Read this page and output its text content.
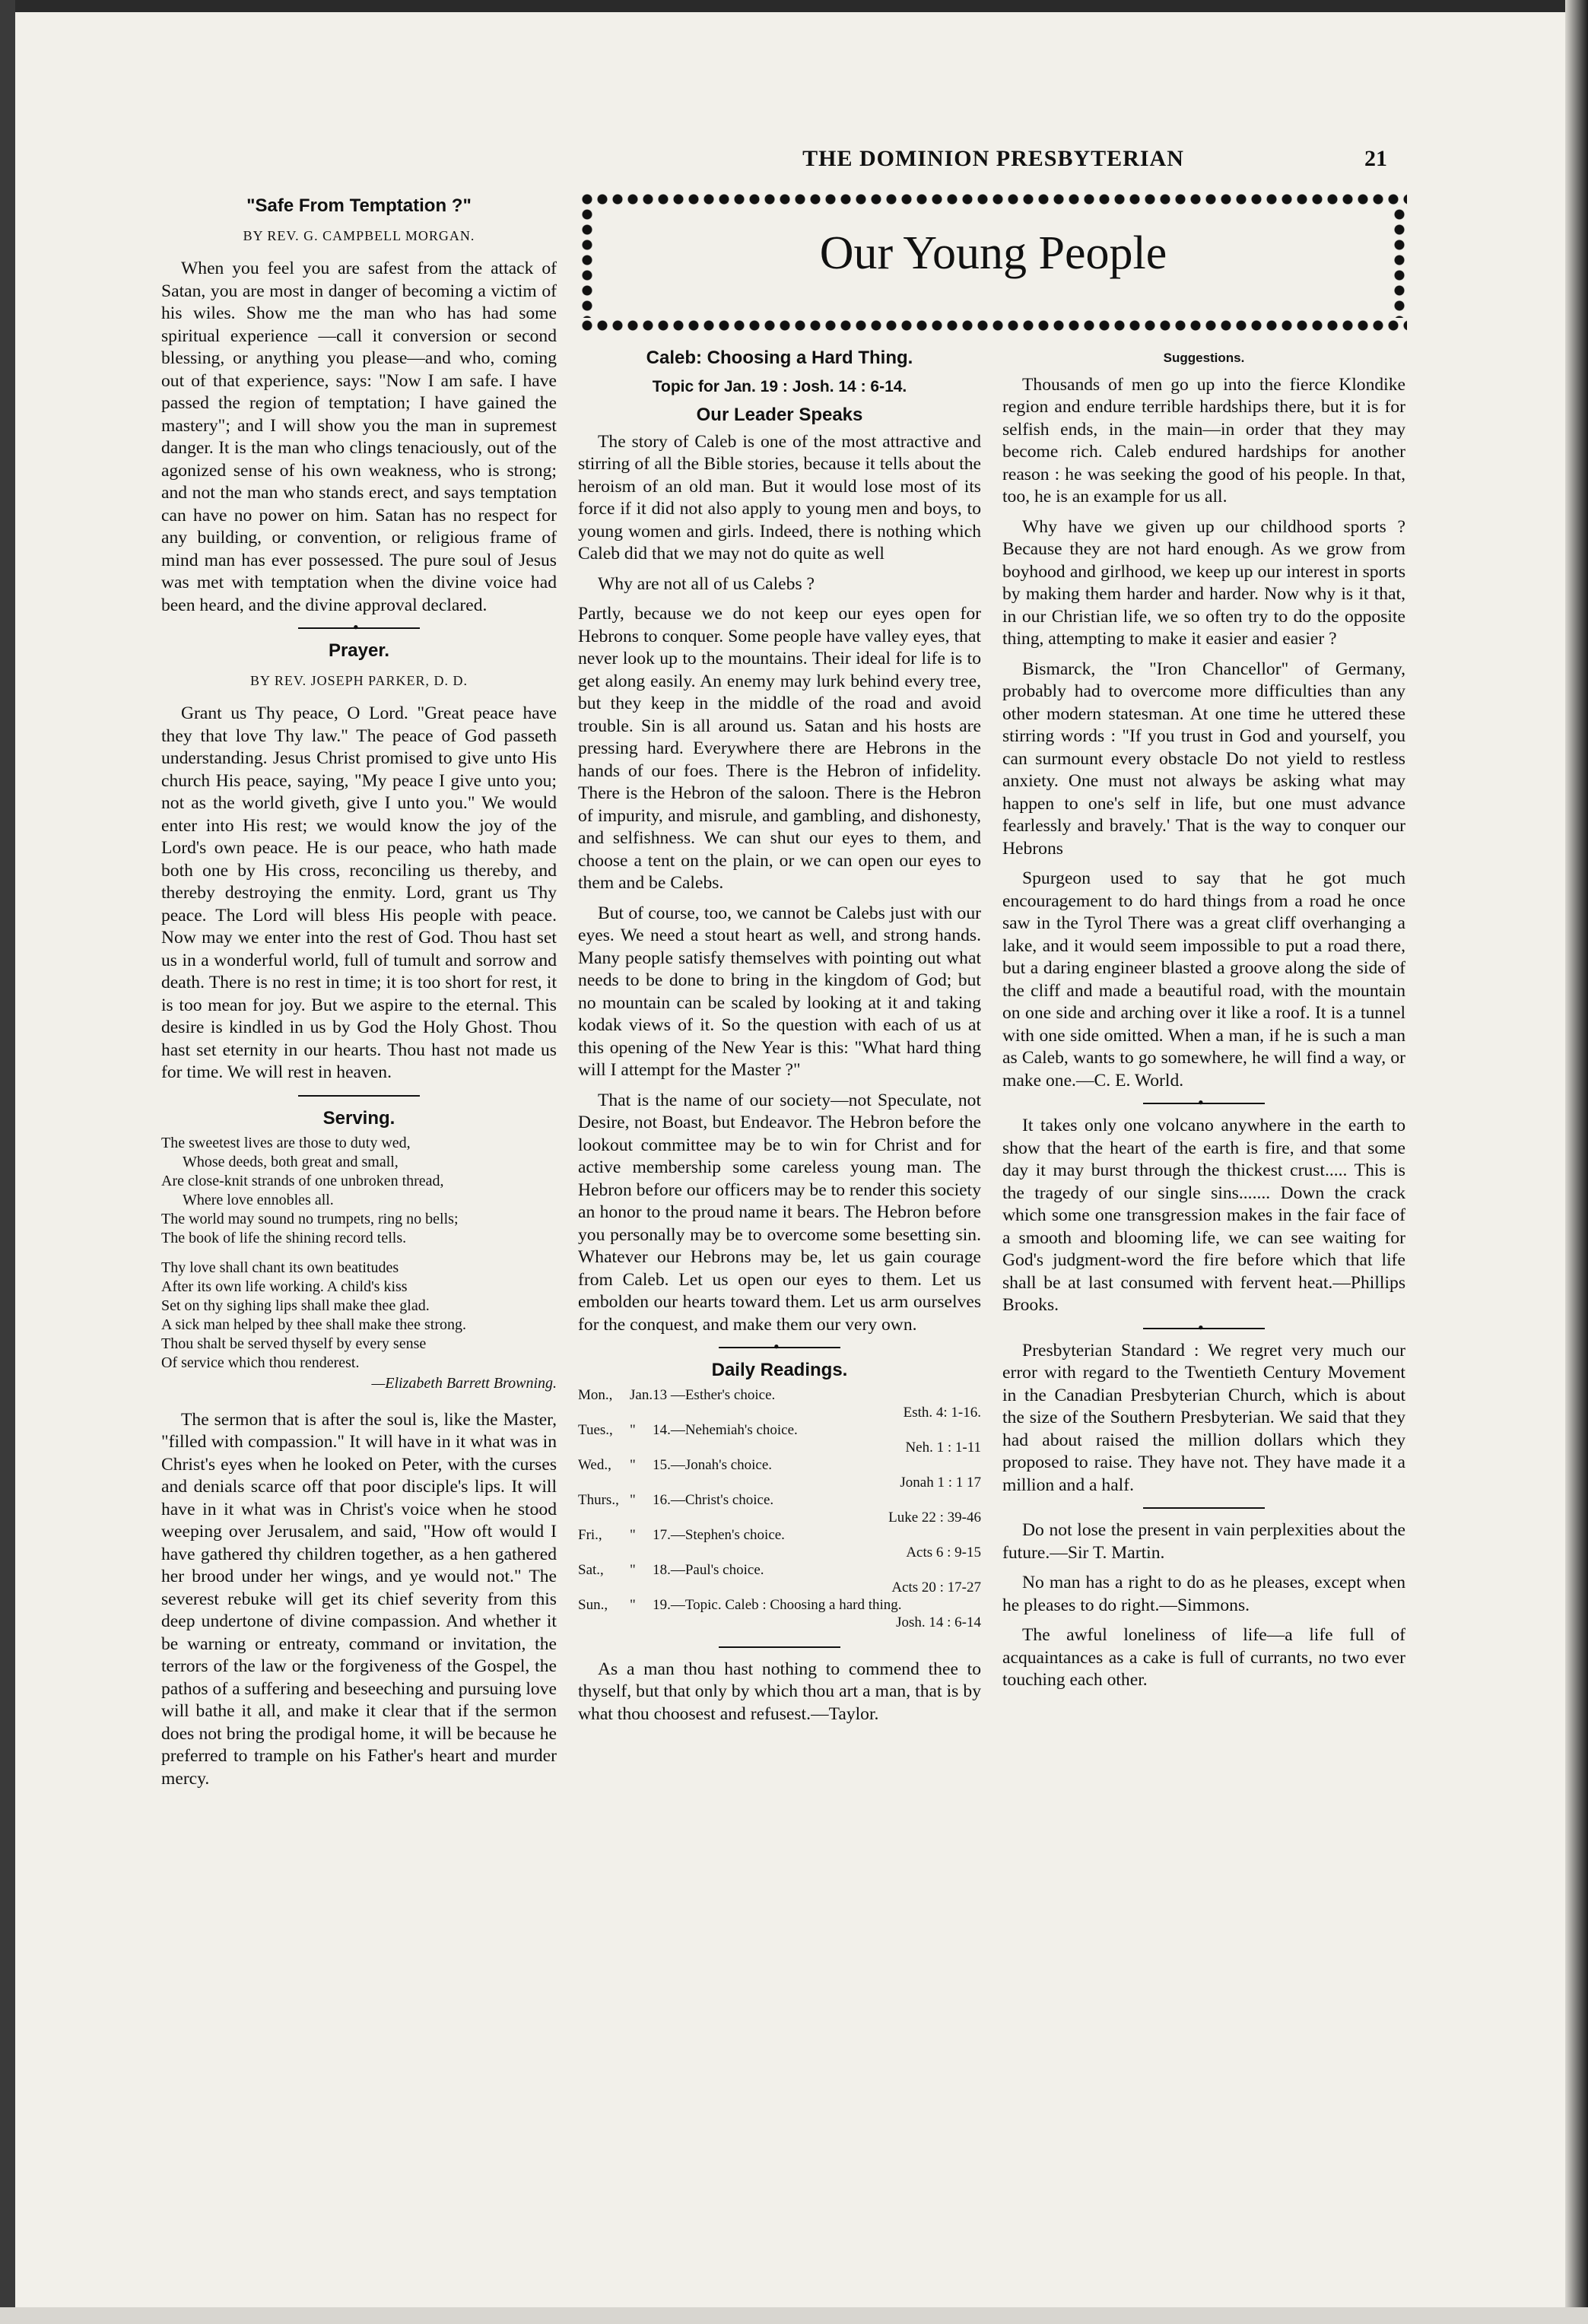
THE DOMINION PRESBYTERIAN	21
"Safe From Temptation ?"
BY REV. G. CAMPBELL MORGAN.

When you feel you are safest from the attack of Satan, you are most in danger of becoming a victim of his wiles. Show me the man who has had some spiritual experience —call it conversion or second blessing, or anything you please—and who, coming out of that experience, says: "Now I am safe. I have passed the region of temptation; I have gained the mastery"; and I will show you the man in supremest danger. It is the man who clings tenaciously, out of the agonized sense of his own weakness, who is strong; and not the man who stands erect, and says temptation can have no power on him. Satan has no respect for any building, or convention, or religious frame of mind man has ever possessed. The pure soul of Jesus was met with temptation when the divine voice had been heard, and the divine approval declared.

•
Prayer.
BY REV. JOSEPH PARKER, D. D.

Grant us Thy peace, O Lord. "Great peace have they that love Thy law." The peace of God passeth understanding. Jesus Christ promised to give unto His church His peace, saying, "My peace I give unto you; not as the world giveth, give I unto you." We would enter into His rest; we would know the joy of the Lord's own peace. He is our peace, who hath made both one by His cross, reconciling us thereby, and thereby destroying the enmity. Lord, grant us Thy peace. The Lord will bless His people with peace. Now may we enter into the rest of God. Thou hast set us in a wonderful world, full of tumult and sorrow and death. There is no rest in time; it is too short for rest, it is too mean for joy. But we aspire to the eternal. This desire is kindled in us by God the Holy Ghost. Thou hast set eternity in our hearts. Thou hast not made us for time. We will rest in heaven.

Serving.
The sweetest lives are those to duty wed,
Whose deeds, both great and small,
Are close-knit strands of one unbroken thread,
Where love ennobles all.
The world may sound no trumpets, ring no bells;
The book of life the shining record tells.
Thy love shall chant its own beatitudes
After its own life working. A child's kiss
Set on thy sighing lips shall make thee glad.
A sick man helped by thee shall make thee strong.
Thou shalt be served thyself by every sense
Of service which thou renderest.
—Elizabeth Barrett Browning.

The sermon that is after the soul is, like the Master, "filled with compassion." It will have in it what was in Christ's eyes when he looked on Peter, with the curses and denials scarce off that poor disciple's lips. It will have in it what was in Christ's voice when he stood weeping over Jerusalem, and said, "How oft would I have gathered thy children together, as a hen gathered her brood under her wings, and ye would not." The severest rebuke will get its chief severity from this deep undertone of divine compassion. And whether it be warning or entreaty, command or invitation, the terrors of the law or the forgiveness of the Gospel, the pathos of a suffering and beseeching and pursuing love will bathe it all, and make it clear that if the sermon does not bring the prodigal home, it will be because he preferred to trample on his Father's heart and murder mercy.

Our Young People
Caleb: Choosing a Hard Thing.
Topic for Jan. 19 : Josh. 14 : 6-14.
Our Leader Speaks

The story of Caleb is one of the most attractive and stirring of all the Bible stories, because it tells about the heroism of an old man. But it would lose most of its force if it did not also apply to young men and boys, to young women and girls. Indeed, there is nothing which Caleb did that we may not do quite as well

Why are not all of us Calebs ?

Partly, because we do not keep our eyes open for Hebrons to conquer. Some people have valley eyes, that never look up to the mountains. Their ideal for life is to get along easily. An enemy may lurk behind every tree, but they keep in the middle of the road and avoid trouble. Sin is all around us. Satan and his hosts are pressing hard. Everywhere there are Hebrons in the hands of our foes. There is the Hebron of infidelity. There is the Hebron of the saloon. There is the Hebron of impurity, and misrule, and gambling, and dishonesty, and selfishness. We can shut our eyes to them, and choose a tent on the plain, or we can open our eyes to them and be Calebs.

But of course, too, we cannot be Calebs just with our eyes. We need a stout heart as well, and strong hands. Many people satisfy themselves with pointing out what needs to be done to bring in the kingdom of God; but no mountain can be scaled by looking at it and taking kodak views of it. So the question with each of us at this opening of the New Year is this: "What hard thing will I attempt for the Master ?"

That is the name of our society—not Speculate, not Desire, not Boast, but Endeavor. The Hebron before the lookout committee may be to win for Christ and for active membership some careless young man. The Hebron before our officers may be to render this society an honor to the proud name it bears. The Hebron before you personally may be to overcome some besetting sin. Whatever our Hebrons may be, let us gain courage from Caleb. Let us open our eyes to them. Let us embolden our hearts toward them. Let us arm ourselves for the conquest, and make them our very own.

•
Daily Readings.
Mon.,	Jan.	13 —Esther's choice.
Esth. 4: 1-16.		
Tues.,	"	14.—Nehemiah's choice.
Neh. 1 : 1-11		
Wed.,	"	15.—Jonah's choice.
Jonah 1 : 1 17		
Thurs.,	"	16.—Christ's choice.
Luke 22 : 39-46		
Fri.,	"	17.—Stephen's choice.
Acts 6 : 9-15		
Sat.,	"	18.—Paul's choice.
Acts 20 : 17-27		
Sun.,	"	19.—Topic. Caleb : Choosing a hard thing.
Josh. 14 : 6-14		

As a man thou hast nothing to commend thee to thyself, but that only by which thou art a man, that is by what thou choosest and refusest.—Taylor.

Suggestions.

Thousands of men go up into the fierce Klondike region and endure terrible hardships there, but it is for selfish ends, in the main—in order that they may become rich. Caleb endured hardships for another reason : he was seeking the good of his people. In that, too, he is an example for us all.

Why have we given up our childhood sports ? Because they are not hard enough. As we grow from boyhood and girlhood, we keep up our interest in sports by making them harder and harder. Now why is it that, in our Christian life, we so often try to do the opposite thing, attempting to make it easier and easier ?

Bismarck, the "Iron Chancellor" of Germany, probably had to overcome more difficulties than any other modern statesman. At one time he uttered these stirring words : "If you trust in God and yourself, you can surmount every obstacle Do not yield to restless anxiety. One must not always be asking what may happen to one's self in life, but one must advance fearlessly and bravely.' That is the way to conquer our Hebrons

Spurgeon used to say that he got much encouragement to do hard things from a road he once saw in the Tyrol There was a great cliff overhanging a lake, and it would seem impossible to put a road there, but a daring engineer blasted a groove along the side of the cliff and made a beautiful road, with the mountain on one side and arching over it like a roof. It is a tunnel with one side omitted. When a man, if he is such a man as Caleb, wants to go somewhere, he will find a way, or make one.—C. E. World.

•

It takes only one volcano anywhere in the earth to show that the heart of the earth is fire, and that some day it may burst through the thickest crust..... This is the tragedy of our single sins....... Down the crack which some one transgression makes in the fair face of a smooth and blooming life, we can see waiting for God's judgment-word the fire before which that life shall be at last consumed with fervent heat.—Phillips Brooks.

•

Presbyterian Standard : We regret very much our error with regard to the Twentieth Century Movement in the Canadian Presbyterian Church, which is about the size of the Southern Presbyterian. We said that they had about raised the million dollars which they proposed to raise. They have not. They have made it a million and a half.

Do not lose the present in vain perplexities about the future.—Sir T. Martin.

No man has a right to do as he pleases, except when he pleases to do right.—Simmons.

The awful loneliness of life—a life full of acquaintances as a cake is full of currants, no two ever touching each other.
